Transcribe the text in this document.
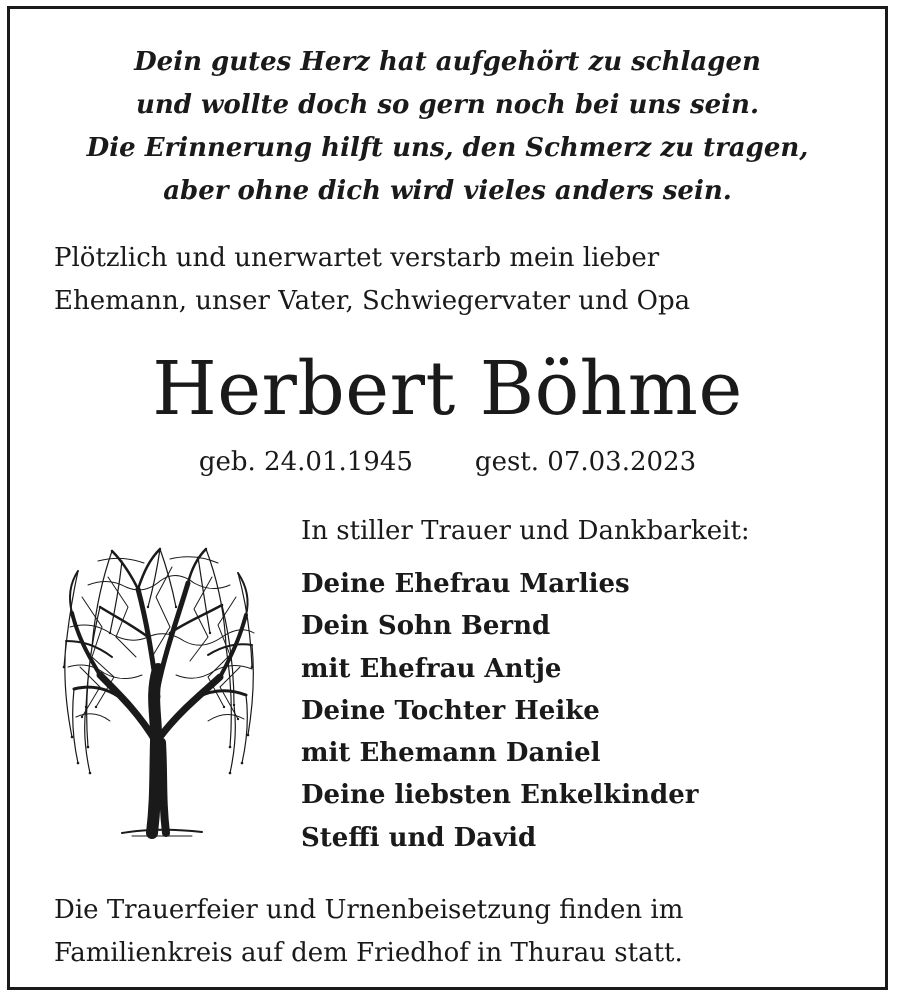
Dein gutes Herz hat aufgehört zu schlagen
und wollte doch so gern noch bei uns sein.
Die Erinnerung hilft uns, den Schmerz zu tragen,
aber ohne dich wird vieles anders sein.
Plötzlich und unerwartet verstarb mein lieber
Ehemann, unser Vater, Schwiegervater und Opa
Herbert Böhme
geb. 24.01.1945 gest. 07.03.2023
In stiller Trauer und Dankbarkeit:
Deine Ehefrau Marlies
Dein Sohn Bernd
mit Ehefrau Antje
Deine Tochter Heike
mit Ehemann Daniel
Deine liebsten Enkelkinder
Steffi und David
Die Trauerfeier und Urnenbeisetzung finden im
Familienkreis auf dem Friedhof in Thurau statt.
